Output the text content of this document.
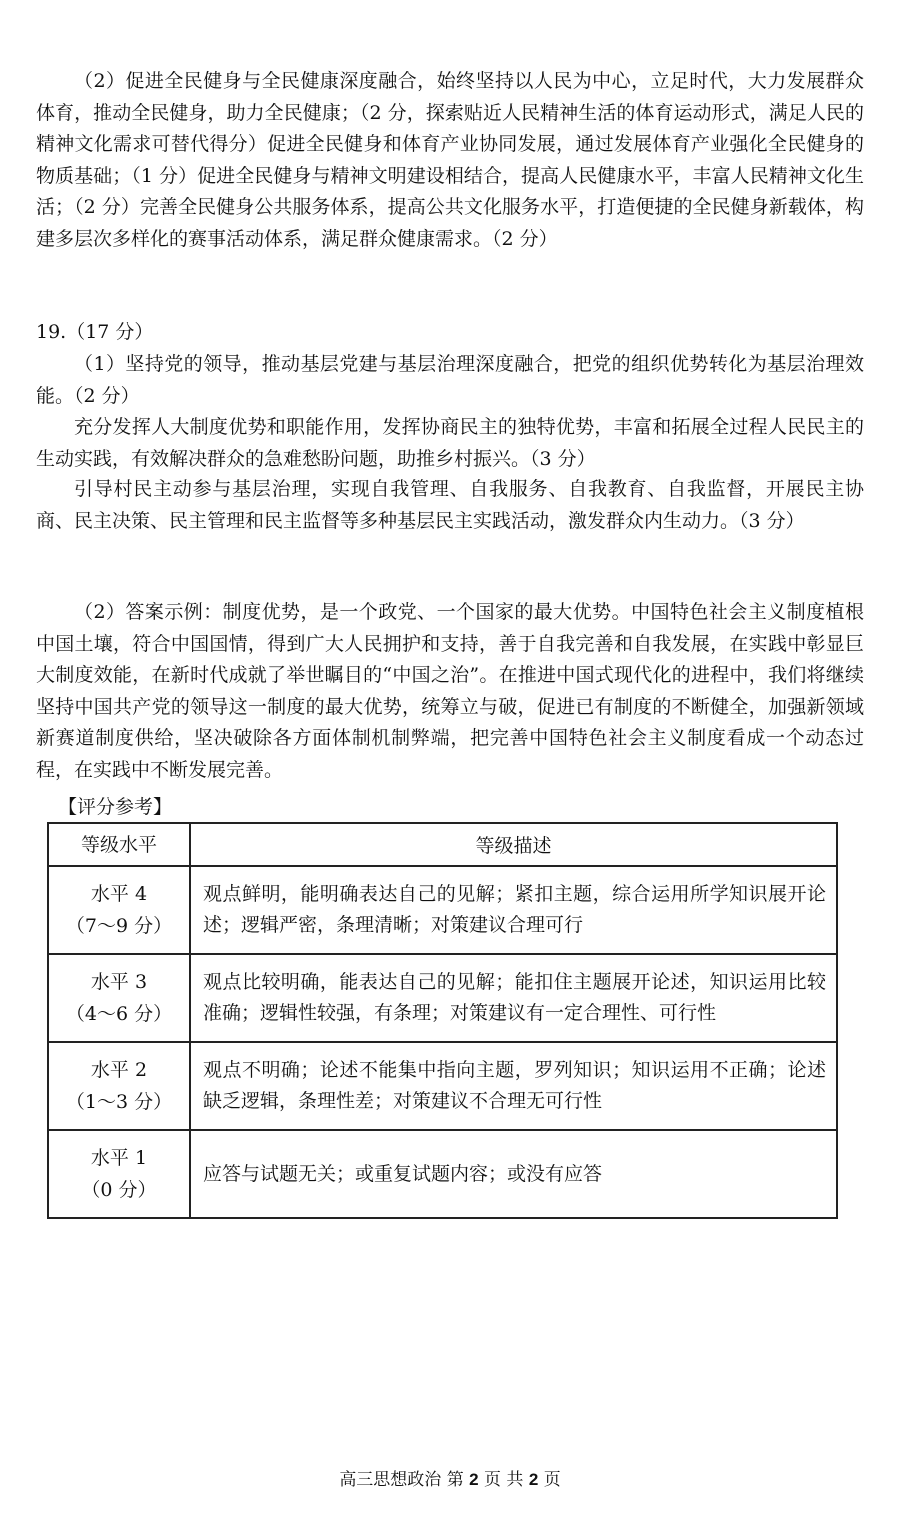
（2）促进全民健身与全民健康深度融合，始终坚持以人民为中心，立足时代，大力发展群众体育，推动全民健身，助力全民健康；（2 分，探索贴近人民精神生活的体育运动形式，满足人民的精神文化需求可替代得分）促进全民健身和体育产业协同发展，通过发展体育产业强化全民健身的物质基础；（1 分）促进全民健身与精神文明建设相结合，提高人民健康水平，丰富人民精神文化生活；（2 分）完善全民健身公共服务体系，提高公共文化服务水平，打造便捷的全民健身新载体，构建多层次多样化的赛事活动体系，满足群众健康需求。（2 分）

19.（17 分）

（1）坚持党的领导，推动基层党建与基层治理深度融合，把党的组织优势转化为基层治理效能。（2 分）

充分发挥人大制度优势和职能作用，发挥协商民主的独特优势，丰富和拓展全过程人民民主的生动实践，有效解决群众的急难愁盼问题，助推乡村振兴。（3 分）

引导村民主动参与基层治理，实现自我管理、自我服务、自我教育、自我监督，开展民主协商、民主决策、民主管理和民主监督等多种基层民主实践活动，激发群众内生动力。（3 分）

（2）答案示例：制度优势，是一个政党、一个国家的最大优势。中国特色社会主义制度植根中国土壤，符合中国国情，得到广大人民拥护和支持，善于自我完善和自我发展，在实践中彰显巨大制度效能，在新时代成就了举世瞩目的“中国之治”。在推进中国式现代化的进程中，我们将继续坚持中国共产党的领导这一制度的最大优势，统筹立与破，促进已有制度的不断健全，加强新领域新赛道制度供给，坚决破除各方面体制机制弊端，把完善中国特色社会主义制度看成一个动态过程，在实践中不断发展完善。

【评分参考】

等级水平	等级描述

水平 4
（7～9 分）	观点鲜明，能明确表达自己的见解；紧扣主题，综合运用所学知识展开论述；逻辑严密，条理清晰；对策建议合理可行

水平 3
（4～6 分）	观点比较明确，能表达自己的见解；能扣住主题展开论述，知识运用比较准确；逻辑性较强，有条理；对策建议有一定合理性、可行性

水平 2
（1～3 分）	观点不明确；论述不能集中指向主题，罗列知识；知识运用不正确；论述缺乏逻辑，条理性差；对策建议不合理无可行性

水平 1
（0 分）	应答与试题无关；或重复试题内容；或没有应答
高三思想政治 第 2 页 共 2 页
